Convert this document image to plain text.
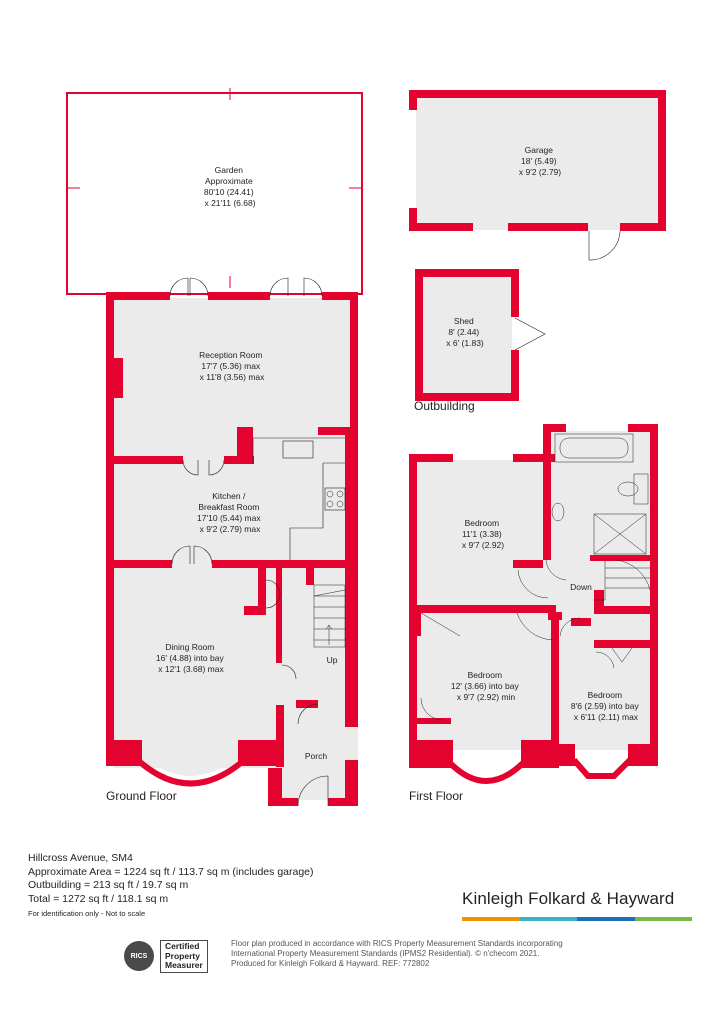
Garden Approximate 80'10 (24.41) x 21'11 (6.68)
Reception Room 17'7 (5.36) max x 11'8 (3.56) max
Kitchen / Breakfast Room 17'10 (5.44) max x 9'2 (2.79) max
Dining Room 16' (4.88) into bay x 12'1 (3.68) max
Up
Porch
Garage 18' (5.49) x 9'2 (2.79)
Shed 8' (2.44) x 6' (1.83)
Bedroom 11'1 (3.38) x 9'7 (2.92)
Bedroom 12' (3.66) into bay x 9'7 (2.92) min	Bedroom 8'6 (2.59) into bay x 6'11 (2.11) max
Down
Ground Floor	First Floor
Outbuilding
Hillcross Avenue, SM4
Approximate Area = 1224 sq ft / 113.7 sq m (includes garage)
Outbuilding = 213 sq ft / 19.7 sq m
Total = 1272 sq ft / 118.1 sq m
For identification only - Not to scale
Kinleigh Folkard & Hayward
RICS
Certified
Property
Measurer
Floor plan produced in accordance with RICS Property Measurement Standards incorporating
International Property Measurement Standards (IPMS2 Residential). © n'checom 2021.
Produced for Kinleigh Folkard & Hayward. REF: 772802
